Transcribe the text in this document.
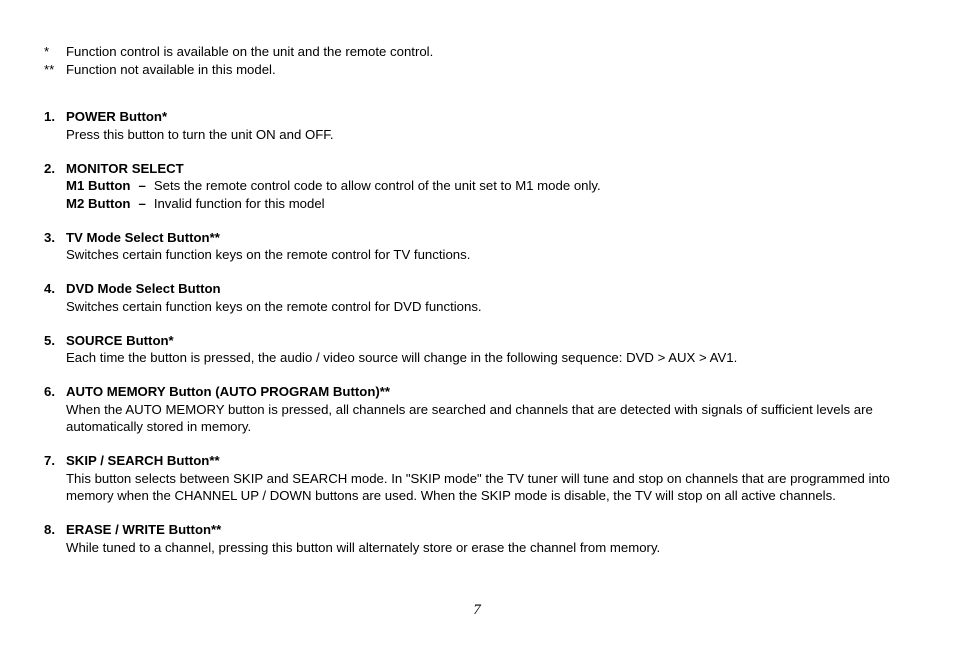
*	Function control is available on the unit and the remote control.
** Function not available in this model.
1. POWER Button*
Press this button to turn the unit ON and OFF.
2. MONITOR SELECT
M1 Button – Sets the remote control code to allow control of the unit set to M1 mode only.
M2 Button – Invalid function for this model
3. TV Mode Select Button**
Switches certain function keys on the remote control for TV functions.
4. DVD Mode Select Button
Switches certain function keys on the remote control for DVD functions.
5. SOURCE Button*
Each time the button is pressed, the audio / video source will change in the following sequence: DVD > AUX > AV1.
6. AUTO MEMORY Button (AUTO PROGRAM Button)**
When the AUTO MEMORY button is pressed, all channels are searched and channels that are detected with signals of sufficient levels are automatically stored in memory.
7. SKIP / SEARCH Button**
This button selects between SKIP and SEARCH mode. In "SKIP mode" the TV tuner will tune and stop on channels that are programmed into memory when the CHANNEL UP / DOWN buttons are used. When the SKIP mode is disable, the TV will stop on all active channels.
8. ERASE / WRITE Button**
While tuned to a channel, pressing this button will alternately store or erase the channel from memory.
7
